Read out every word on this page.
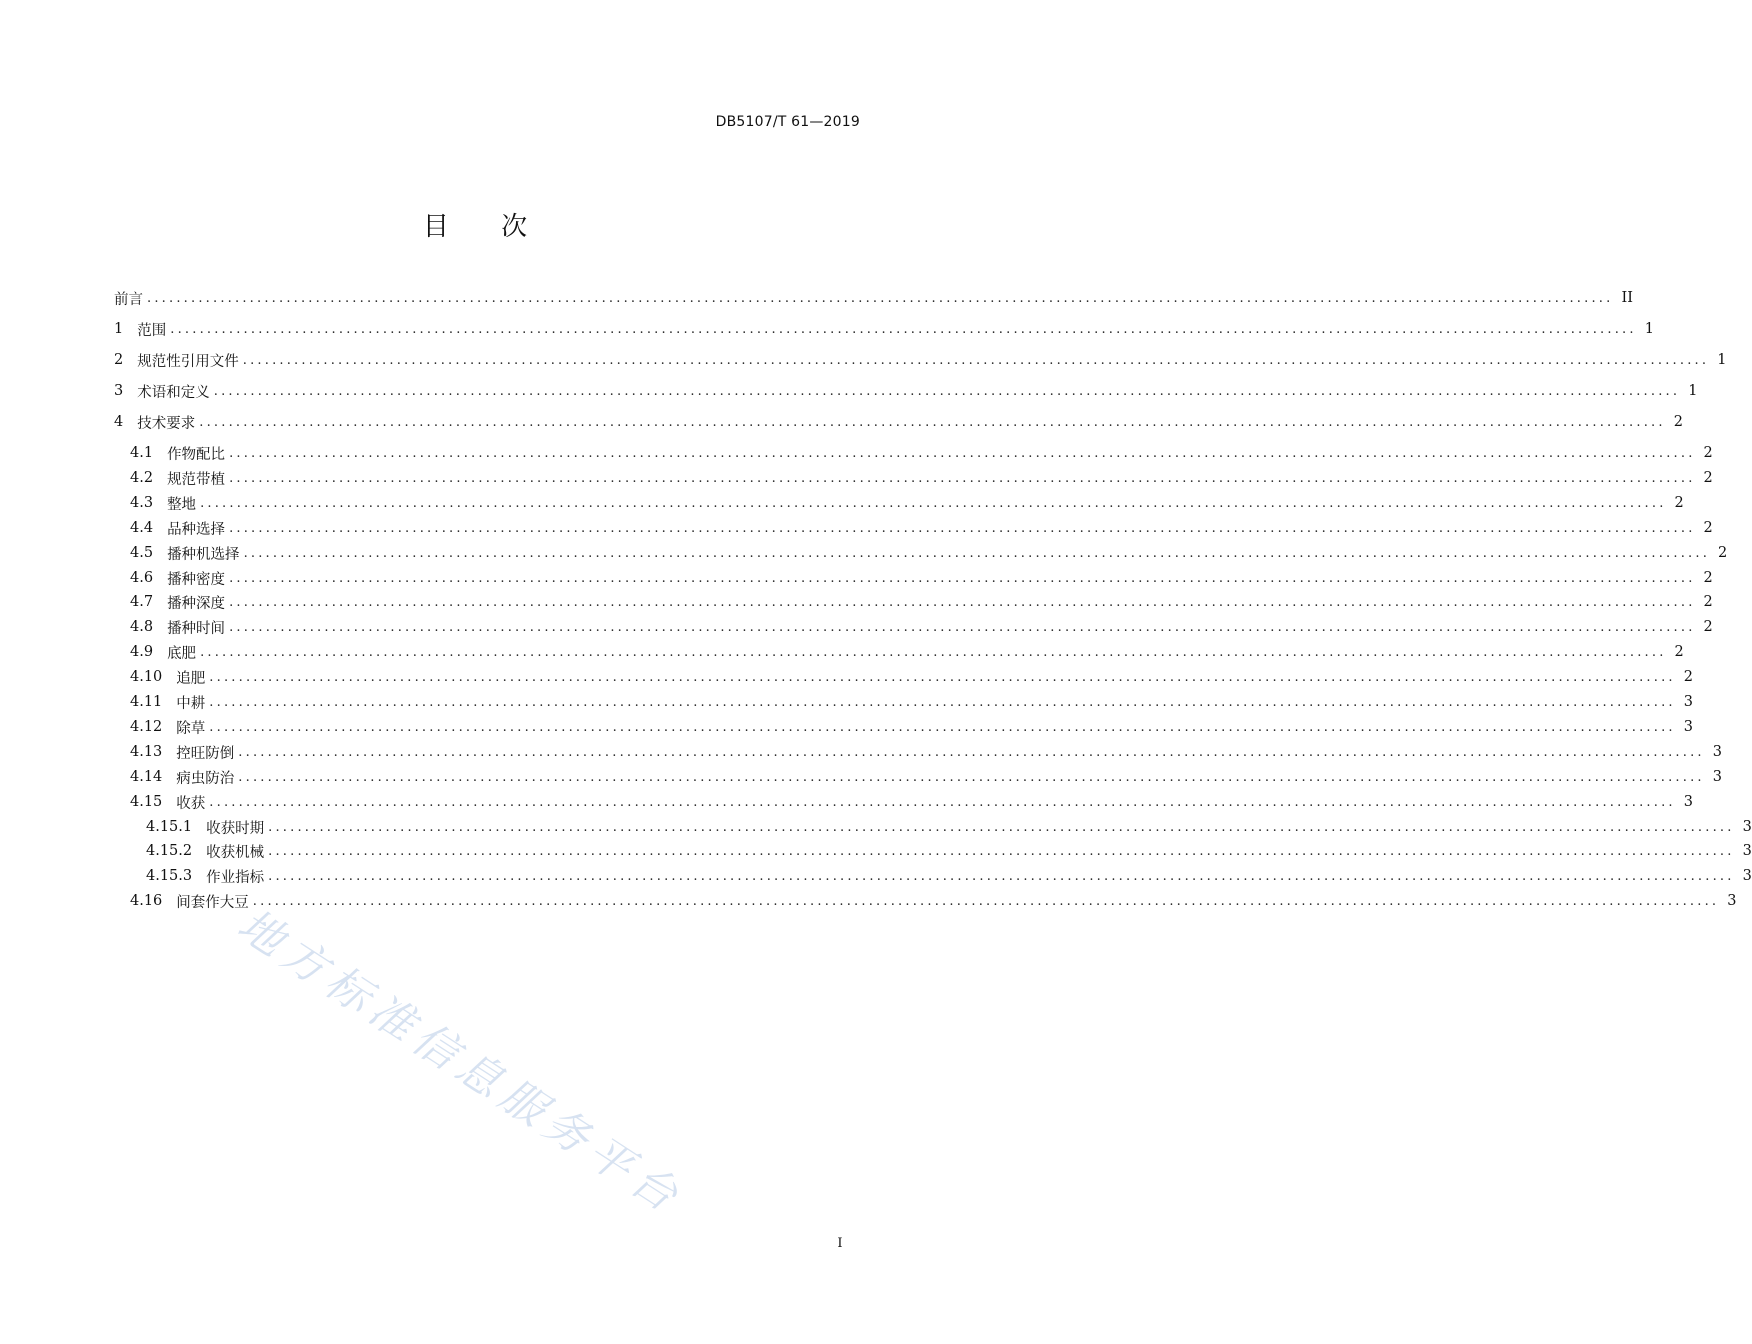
DB5107/T 61—2019
目 次
前言 ........................................................................................................................................................................................................ II
1 范围 ........................................................................................................................................................................................................ 1
2 规范性引用文件 ........................................................................................................................................................................................................ 1
3 术语和定义 ........................................................................................................................................................................................................ 1
4 技术要求 ........................................................................................................................................................................................................ 2
4.1 作物配比 ........................................................................................................................................................................................................ 2
4.2 规范带植 ........................................................................................................................................................................................................ 2
4.3 整地 ........................................................................................................................................................................................................ 2
4.4 品种选择 ........................................................................................................................................................................................................ 2
4.5 播种机选择 ........................................................................................................................................................................................................ 2
4.6 播种密度 ........................................................................................................................................................................................................ 2
4.7 播种深度 ........................................................................................................................................................................................................ 2
4.8 播种时间 ........................................................................................................................................................................................................ 2
4.9 底肥 ........................................................................................................................................................................................................ 2
4.10 追肥 ........................................................................................................................................................................................................ 2
4.11 中耕 ........................................................................................................................................................................................................ 3
4.12 除草 ........................................................................................................................................................................................................ 3
4.13 控旺防倒 ........................................................................................................................................................................................................ 3
4.14 病虫防治 ........................................................................................................................................................................................................ 3
4.15 收获 ........................................................................................................................................................................................................ 3
4.15.1 收获时期 ........................................................................................................................................................................................................ 3
4.15.2 收获机械 ........................................................................................................................................................................................................ 3
4.15.3 作业指标 ........................................................................................................................................................................................................ 3
4.16 间套作大豆 ........................................................................................................................................................................................................ 3
地方标准信息服务平台
I
